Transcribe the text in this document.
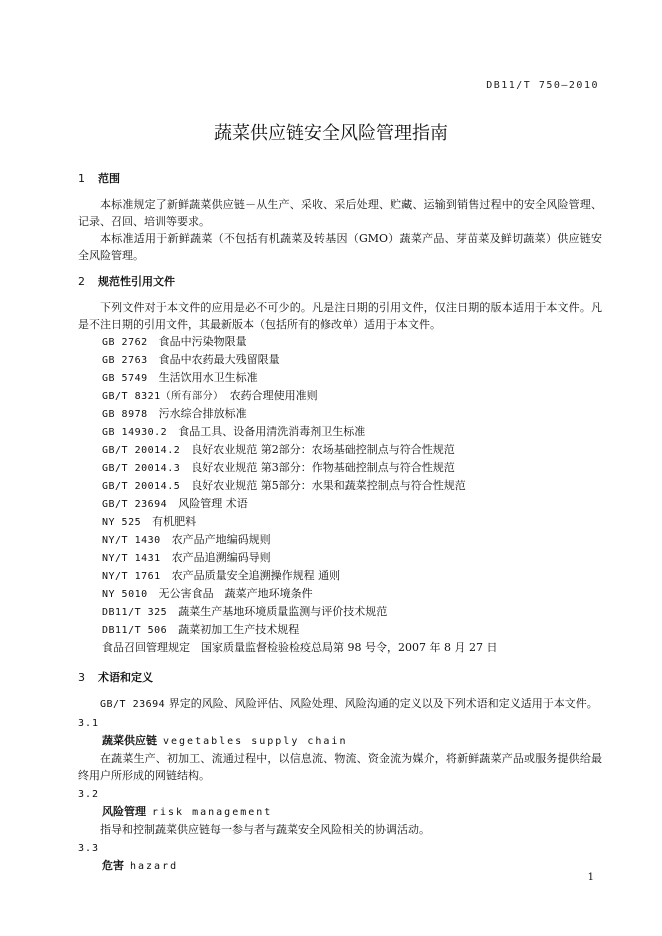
DB11/T 750—2010
蔬菜供应链安全风险管理指南
1 范围

本标准规定了新鲜蔬菜供应链－从生产、采收、采后处理、贮藏、运输到销售过程中的安全风险管理、记录、召回、培训等要求。

本标准适用于新鲜蔬菜（不包括有机蔬菜及转基因（GMO）蔬菜产品、芽苗菜及鲜切蔬菜）供应链安全风险管理。

2 规范性引用文件

下列文件对于本文件的应用是必不可少的。凡是注日期的引用文件，仅注日期的版本适用于本文件。凡是不注日期的引用文件，其最新版本（包括所有的修改单）适用于本文件。

GB 2762　 食品中污染物限量
GB 2763　 食品中农药最大残留限量
GB 5749　 生活饮用水卫生标准
GB/T 8321（所有部分）　 农药合理使用准则
GB 8978　 污水综合排放标准
GB 14930.2　 食品工具、设备用清洗消毒剂卫生标准
GB/T 20014.2　 良好农业规范 第2部分：农场基础控制点与符合性规范
GB/T 20014.3　 良好农业规范 第3部分：作物基础控制点与符合性规范
GB/T 20014.5　 良好农业规范 第5部分：水果和蔬菜控制点与符合性规范
GB/T 23694　 风险管理 术语
NY 525　 有机肥料
NY/T 1430　 农产品产地编码规则
NY/T 1431　 农产品追溯编码导则
NY/T 1761　 农产品质量安全追溯操作规程 通则
NY 5010　 无公害食品　蔬菜产地环境条件
DB11/T 325　 蔬菜生产基地环境质量监测与评价技术规范
DB11/T 506　 蔬菜初加工生产技术规程
食品召回管理规定　国家质量监督检验检疫总局第 98 号令，2007 年 8 月 27 日
3 术语和定义

GB/T 23694 界定的风险、风险评估、风险处理、风险沟通的定义以及下列术语和定义适用于本文件。

3.1
蔬菜供应链 vegetables supply chain

在蔬菜生产、初加工、流通过程中，以信息流、物流、资金流为媒介，将新鲜蔬菜产品或服务提供给最终用户所形成的网链结构。

3.2
风险管理 risk management

指导和控制蔬菜供应链每一参与者与蔬菜安全风险相关的协调活动。

3.3
危害 hazard
1
